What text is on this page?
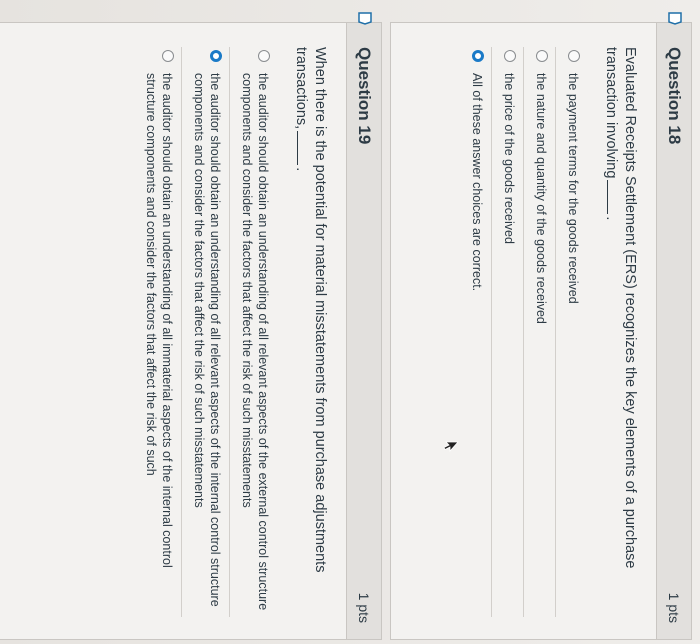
Question 18
1 pts
Evaluated Receipts Settlement (ERS) recognizes the key elements of a purchase transaction involving.
the payment terms for the goods received
the nature and quantity of the goods received
the price of the goods received
All of these answer choices are correct.
Question 19
1 pts
When there is the potential for material misstatements from purchase adjustments transactions,.
the auditor should obtain an understanding of all relevant aspects of the external control structure components and consider the factors that affect the risk of such misstatements
the auditor should obtain an understanding of all relevant aspects of the internal control structure components and consider the factors that affect the risk of such misstatements
the auditor should obtain an understanding of all immaterial aspects of the internal control structure components and consider the factors that affect the risk of such
